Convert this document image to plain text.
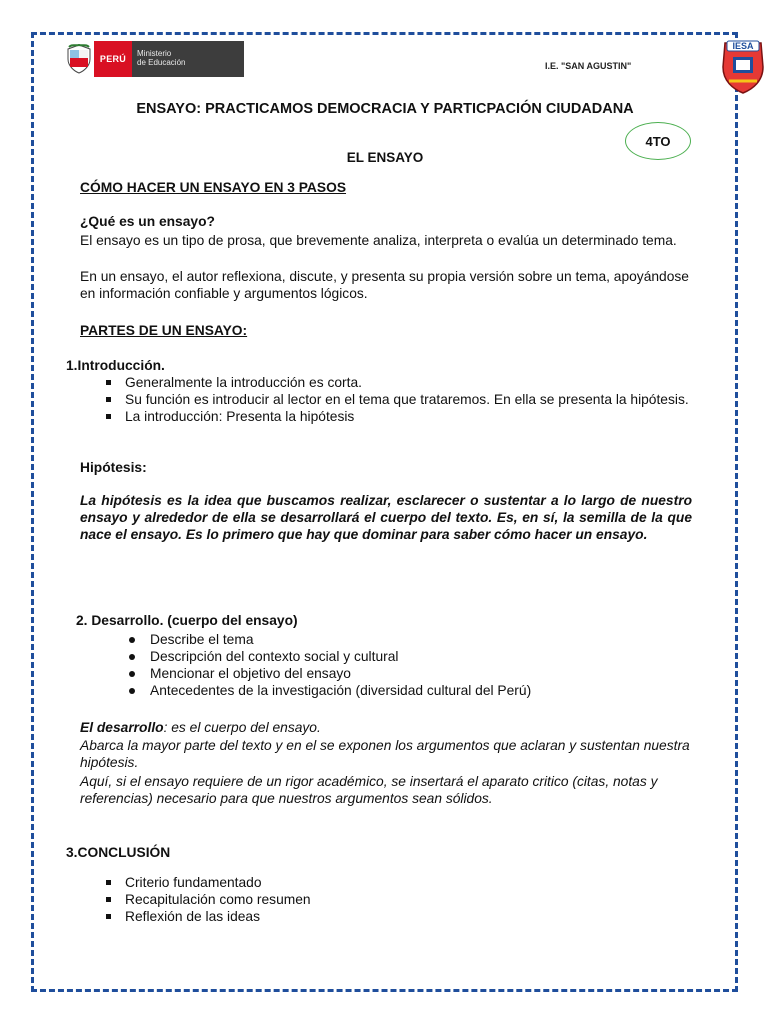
PERÚ
Ministerio
de Educación	I.E. "SAN AGUSTIN"
IESA
ENSAYO: PRACTICAMOS DEMOCRACIA Y PARTICPACIÓN CIUDADANA
4TO
EL ENSAYO
CÓMO HACER UN ENSAYO EN 3 PASOS
¿Qué es un ensayo?
El ensayo es un tipo de prosa, que brevemente analiza, interpreta o evalúa un determinado tema.
En un ensayo, el autor reflexiona, discute, y presenta su propia versión sobre un tema, apoyándose en información confiable y argumentos lógicos.
PARTES DE UN ENSAYO:
1.Introducción.
Generalmente la introducción es corta.
Su función es introducir al lector en el tema que trataremos. En ella se presenta la hipótesis.
La introducción: Presenta la hipótesis
Hipótesis:
La hipótesis es la idea que buscamos realizar, esclarecer o sustentar a lo largo de nuestro ensayo y alrededor de ella se desarrollará el cuerpo del texto. Es, en sí, la semilla de la que nace el ensayo. Es lo primero que hay que dominar para saber cómo hacer un ensayo.
2. Desarrollo. (cuerpo del ensayo)
Describe el tema
Descripción del contexto social y cultural
Mencionar el objetivo del ensayo
Antecedentes de la investigación (diversidad cultural del Perú)
El desarrollo: es el cuerpo del ensayo.
Abarca la mayor parte del texto y en el se exponen los argumentos que aclaran y sustentan nuestra hipótesis.
Aquí, si el ensayo requiere de un rigor académico, se insertará el aparato critico (citas, notas y referencias) necesario para que nuestros argumentos sean sólidos.
3.CONCLUSIÓN
Criterio fundamentado
Recapitulación como resumen
Reflexión de las ideas
